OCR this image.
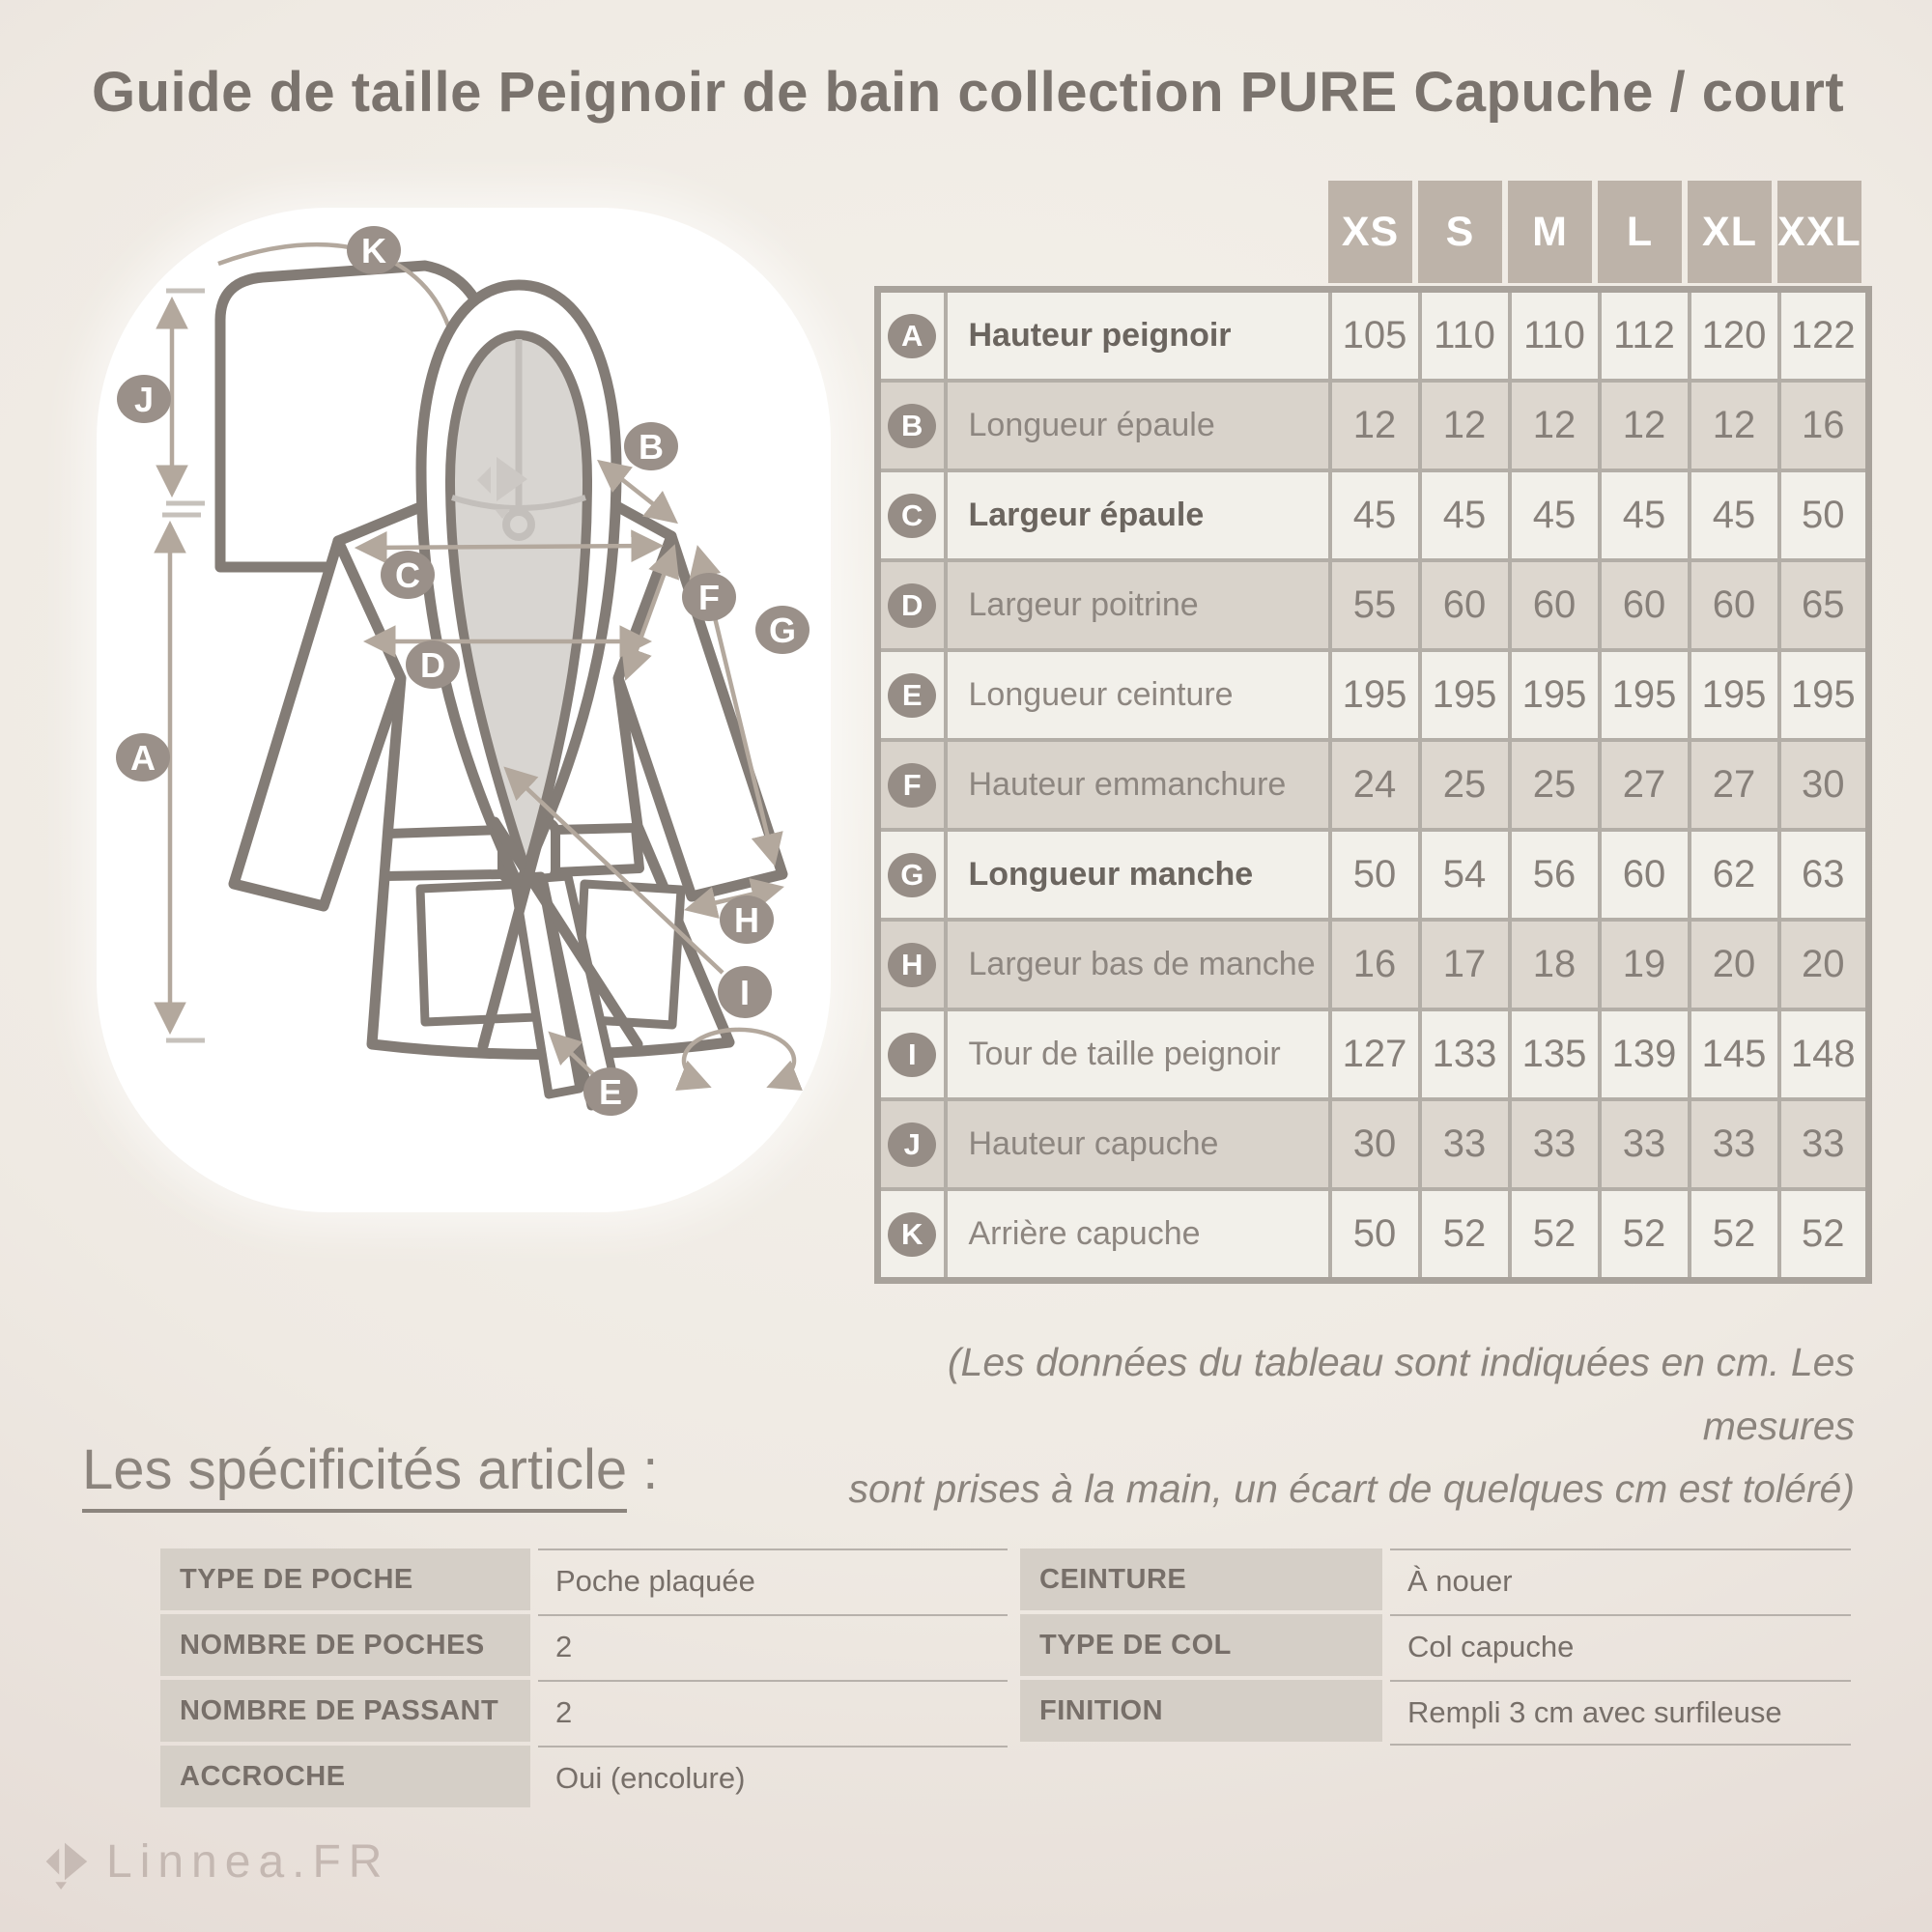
Guide de taille Peignoir de bain collection PURE Capuche / court
K
J
A
B
C
D
F
G
H
I
E
XS	S	M	L	XL XXL
A	Hauteur peignoir	105	110	110	112	120	122
B	Longueur épaule	12	12	12	12	12	16
C	Largeur épaule	45	45	45	45	45	50
D	Largeur poitrine	55	60	60	60	60	65
E	Longueur ceinture	195	195	195	195	195	195
F	Hauteur emmanchure	24	25	25	27	27	30
G	Longueur manche	50	54	56	60	62	63
H	Largeur bas de manche	16	17	18	19	20	20
I	Tour de taille peignoir	127	133	135	139	145	148
J	Hauteur capuche	30	33	33	33	33	33
K	Arrière capuche	50	52	52	52	52	52
(Les données du tableau sont indiquées en cm. Les mesures
sont prises à la main, un écart de quelques cm est toléré)
Les spécificités article :
TYPE DE POCHE	Poche plaquée
NOMBRE DE POCHES	2
NOMBRE DE PASSANT	2
ACCROCHE	Oui (encolure)
CEINTURE	À nouer
TYPE DE COL	Col capuche
FINITION	Rempli 3 cm avec surfileuse
Linnea.FR
